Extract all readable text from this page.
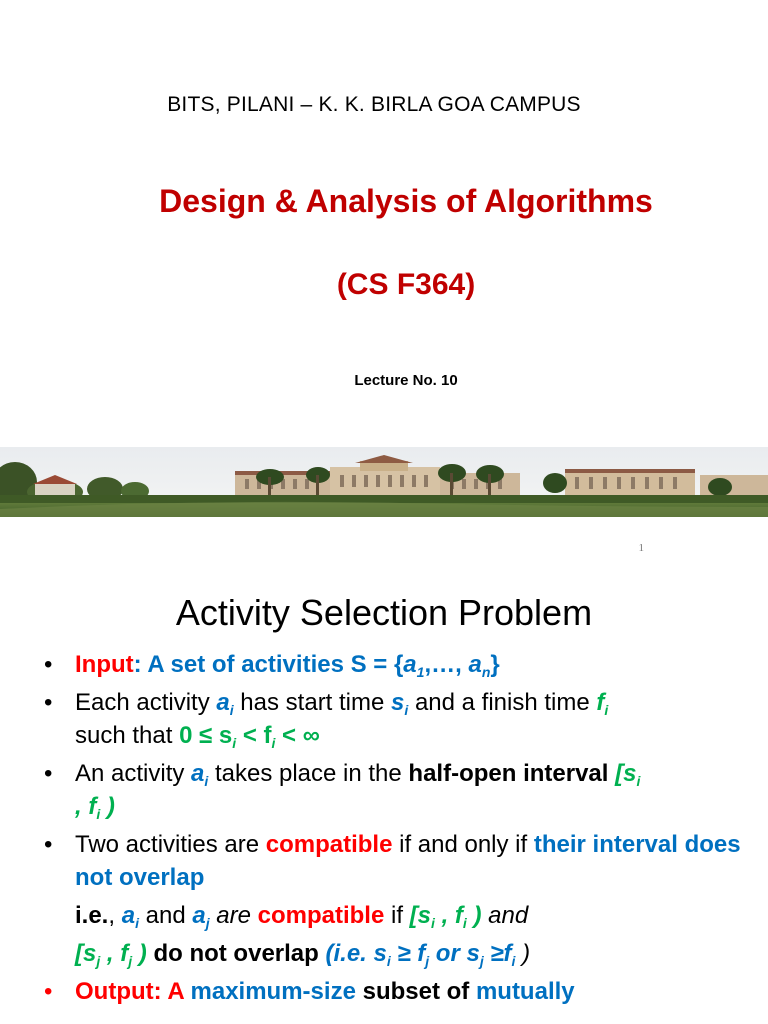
BITS, PILANI – K. K. BIRLA GOA CAMPUS
Design & Analysis of Algorithms
(CS F364)
Lecture No. 10
1
Activity Selection Problem
• Input: A set of activities $S = \{a_1,\dots$, $a_n$}
• Each activity $a_i$ has start time $s_i$ and a finish time $f_i$
such that $0 \le s_i < f_i$ < ∞
• An activity $a_i$ takes place in the half-open interval [$s_i$
, $f_i$ )
• Two activities are compatible if and only if their interval does not overlap
i.e., $a_i$ and $a_j$ are compatible if [$s_i$ , $f_i$ ) and
[$s_j$ , $f_j$ ) do not overlap (i.e. $s_i \ge f_j$ or $s_j \ge f_i$ )
• Output: A maximum-size subset of mutually
